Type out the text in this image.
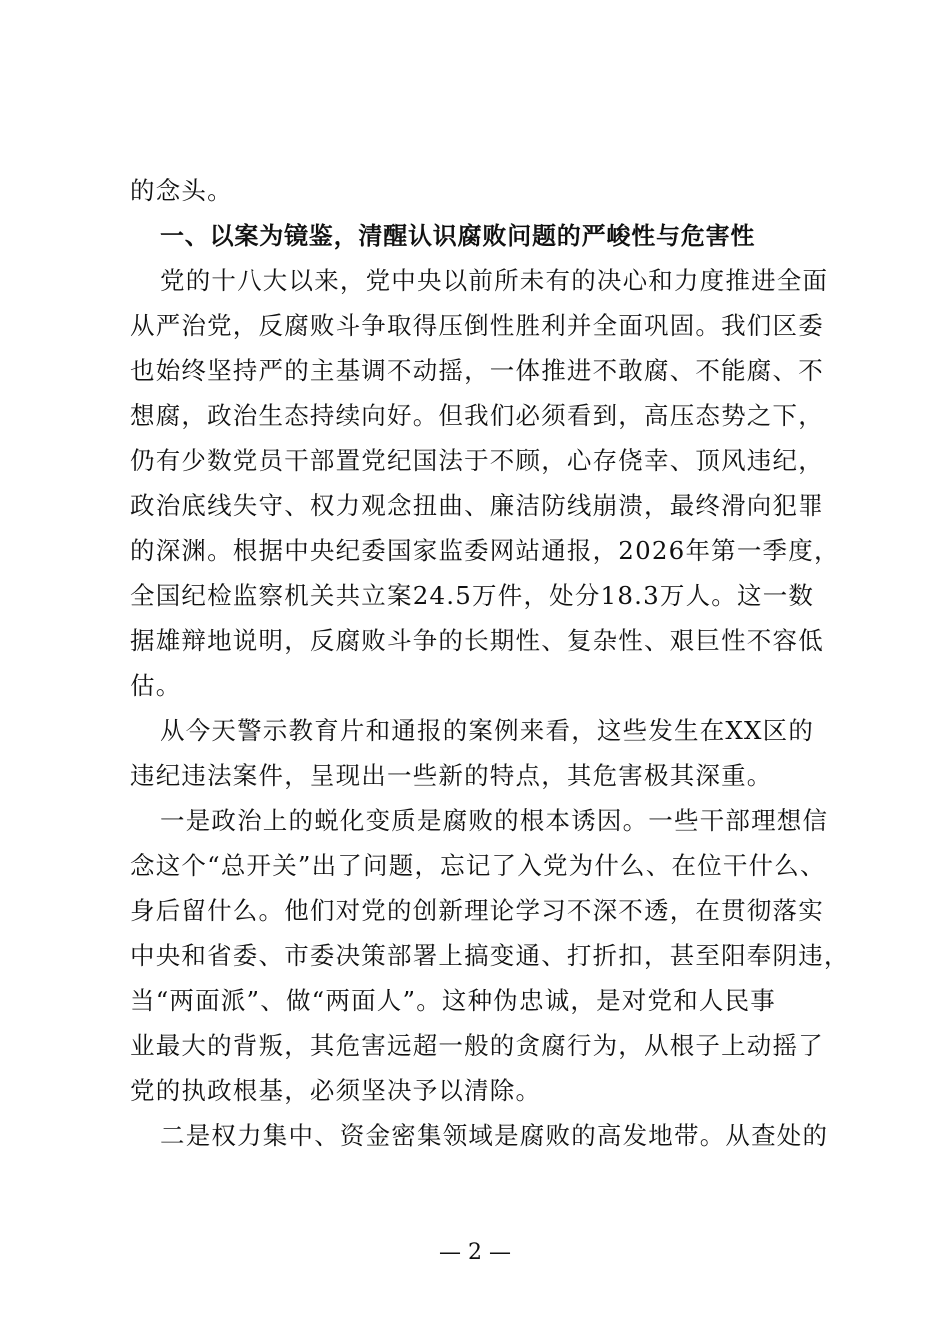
的念头。
一、以案为镜鉴，清醒认识腐败问题的严峻性与危害性
党的十八大以来，党中央以前所未有的决心和力度推进全面
从严治党，反腐败斗争取得压倒性胜利并全面巩固。我们区委
也始终坚持严的主基调不动摇，一体推进不敢腐、不能腐、不
想腐，政治生态持续向好。但我们必须看到，高压态势之下，
仍有少数党员干部置党纪国法于不顾，心存侥幸、顶风违纪，
政治底线失守、权力观念扭曲、廉洁防线崩溃，最终滑向犯罪
的深渊。根据中央纪委国家监委网站通报，2026年第一季度，
全国纪检监察机关共立案24.5万件，处分18.3万人。这一数
据雄辩地说明，反腐败斗争的长期性、复杂性、艰巨性不容低
估。
从今天警示教育片和通报的案例来看，这些发生在XX区的
违纪违法案件，呈现出一些新的特点，其危害极其深重。
一是政治上的蜕化变质是腐败的根本诱因。一些干部理想信
念这个“总开关”出了问题，忘记了入党为什么、在位干什么、
身后留什么。他们对党的创新理论学习不深不透，在贯彻落实
中央和省委、市委决策部署上搞变通、打折扣，甚至阳奉阴违，
当“两面派”、做“两面人”。这种伪忠诚，是对党和人民事
业最大的背叛，其危害远超一般的贪腐行为，从根子上动摇了
党的执政根基，必须坚决予以清除。
二是权力集中、资金密集领域是腐败的高发地带。从查处的
— 2 —
